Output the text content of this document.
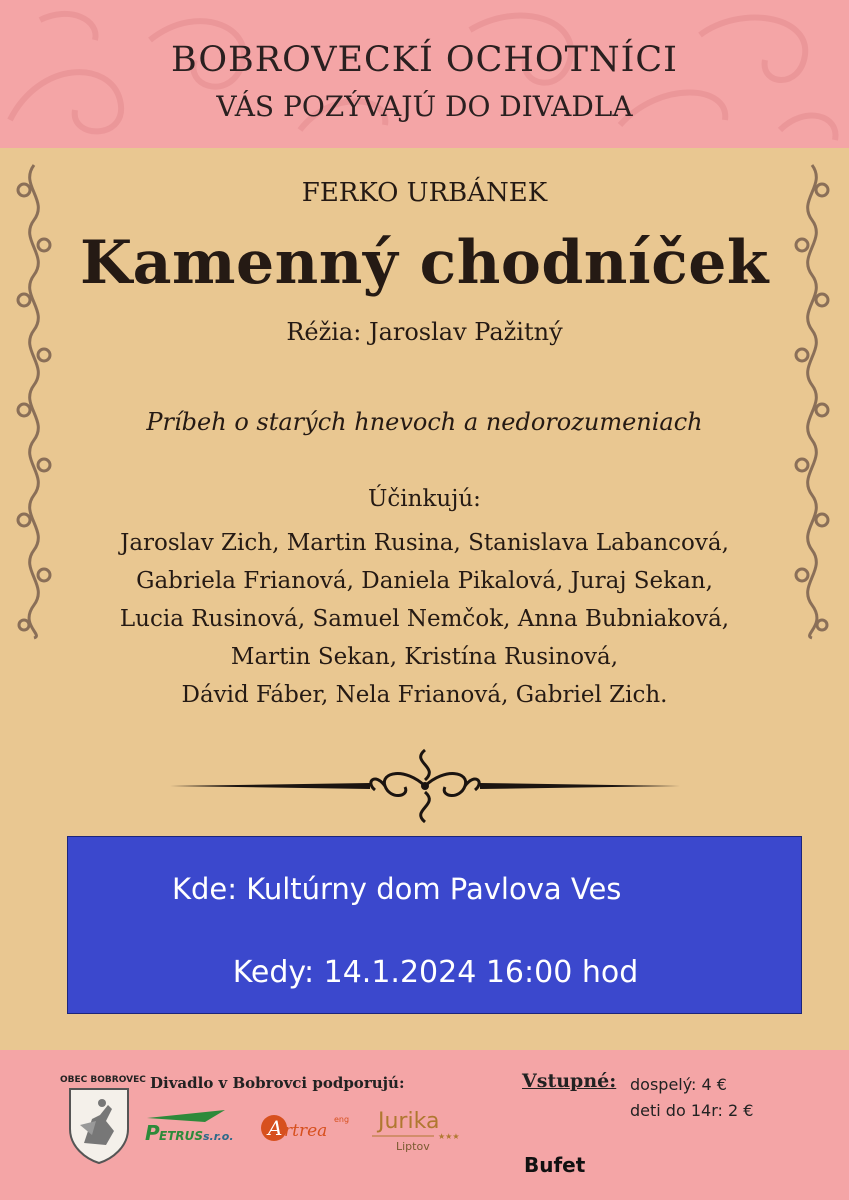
BOBROVECKÍ OCHOTNÍCI
VÁS POZÝVAJÚ DO DIVADLA
FERKO URBÁNEK
Kamenný chodníček
Réžia: Jaroslav Pažitný
Príbeh o starých hnevoch a nedorozumeniach
Účinkujú:
Jaroslav Zich, Martin Rusina, Stanislava Labancová,
Gabriela Frianová, Daniela Pikalová, Juraj Sekan,
Lucia Rusinová, Samuel Nemčok, Anna Bubniaková,
Martin Sekan, Kristína Rusinová,
Dávid Fáber, Nela Frianová, Gabriel Zich.
Kde: Kultúrny dom Pavlova Ves
Kedy: 14.1.2024 16:00 hod
OBEC BOBROVEC Divadlo v Bobrovci podporujú:
P ETRUS s.r.o. A rtrea
eng Jurika
★★★
Liptov
Vstupné: dospelý: 4 €
deti do 14r: 2 €
Bufet
